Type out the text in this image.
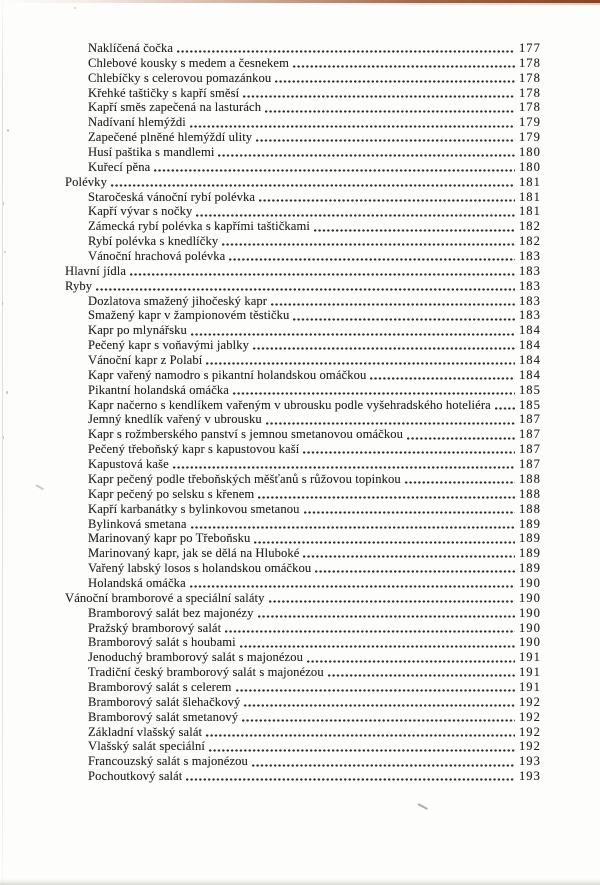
Naklíčená čočka	177
Chlebové kousky s medem a česnekem	178
Chlebíčky s celerovou pomazánkou	178
Křehké taštičky s kapří směsí	178
Kapří směs zapečená na lasturách	178
Nadívaní hlemýždi	179
Zapečené plněné hlemýždí ulity	179
Husí paštika s mandlemi	180
Kuřecí pěna	180
Polévky	181
Staročeská vánoční rybí polévka	181
Kapří vývar s nočky	181
Zámecká rybí polévka s kapřími taštičkami	182
Rybí polévka s knedlíčky	182
Vánoční hrachová polévka	183
Hlavní jídla	183
Ryby	183
Dozlatova smažený jihočeský kapr	183
Smažený kapr v žampionovém těstičku	183
Kapr po mlynářsku	184
Pečený kapr s voňavými jablky	184
Vánoční kapr z Polabí	184
Kapr vařený namodro s pikantní holandskou omáčkou	184
Pikantní holandská omáčka	185
Kapr načerno s kendlíkem vařeným v ubrousku podle vyšehradského hoteliéra 185
Jemný knedlík vařený v ubrousku	187
Kapr s rožmberského panství s jemnou smetanovou omáčkou	187
Pečený třeboňský kapr s kapustovou kaší	187
Kapustová kaše	187
Kapr pečený podle třeboňských měšťanů s růžovou topinkou	188
Kapr pečený po selsku s křenem	188
Kapří karbanátky s bylinkovou smetanou	188
Bylinková smetana	189
Marinovaný kapr po Třeboňsku	189
Marinovaný kapr, jak se dělá na Hluboké	189
Vařený labský losos s holandskou omáčkou	189
Holandská omáčka	190
Vánoční bramborové a speciální saláty	190
Bramborový salát bez majonézy	190
Pražský bramborový salát	190
Bramborový salát s houbami	190
Jenoduchý bramborový salát s majonézou	191
Tradiční český bramborový salát s majonézou	191
Bramborový salát s celerem	191
Bramborový salát šlehačkový	192
Bramborový salát smetanový	192
Základní vlašský salát	192
Vlašský salát speciální	192
Francouzský salát s majonézou	193
Pochoutkový salát	193
